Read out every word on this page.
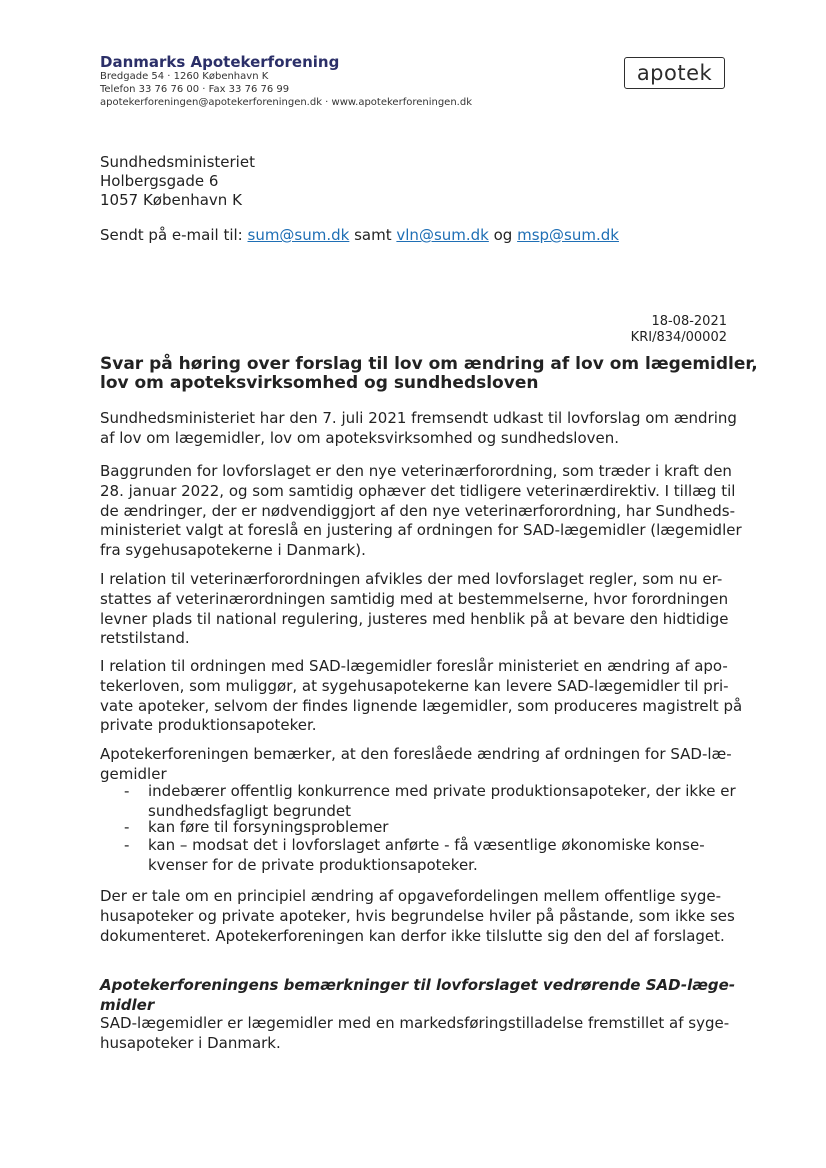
Danmarks Apotekerforening
Bredgade 54 · 1260 København K
Telefon 33 76 76 00 · Fax 33 76 76 99
apotekerforeningen@apotekerforeningen.dk · www.apotekerforeningen.dk
apotek
Sundhedsministeriet
Holbergsgade 6
1057 København K
Sendt på e-mail til: sum@sum.dk samt vln@sum.dk og msp@sum.dk
18-08-2021
KRI/834/00002
Svar på høring over forslag til lov om ændring af lov om lægemidler,
lov om apoteksvirksomhed og sundhedsloven
Sundhedsministeriet har den 7. juli 2021 fremsendt udkast til lovforslag om ændring
af lov om lægemidler, lov om apoteksvirksomhed og sundhedsloven.
Baggrunden for lovforslaget er den nye veterinærforordning, som træder i kraft den
28. januar 2022, og som samtidig ophæver det tidligere veterinærdirektiv. I tillæg til
de ændringer, der er nødvendiggjort af den nye veterinærforordning, har Sundheds-
ministeriet valgt at foreslå en justering af ordningen for SAD-lægemidler (lægemidler
fra sygehusapotekerne i Danmark).
I relation til veterinærforordningen afvikles der med lovforslaget regler, som nu er-
stattes af veterinærordningen samtidig med at bestemmelserne, hvor forordningen
levner plads til national regulering, justeres med henblik på at bevare den hidtidige
retstilstand.
I relation til ordningen med SAD-lægemidler foreslår ministeriet en ændring af apo-
tekerloven, som muliggør, at sygehusapotekerne kan levere SAD-lægemidler til pri-
vate apoteker, selvom der findes lignende lægemidler, som produceres magistrelt på
private produktionsapoteker.
Apotekerforeningen bemærker, at den foreslåede ændring af ordningen for SAD-læ-
gemidler
- indebærer offentlig konkurrence med private produktionsapoteker, der ikke er
sundhedsfagligt begrundet
- kan føre til forsyningsproblemer
- kan – modsat det i lovforslaget anførte - få væsentlige økonomiske konse-
kvenser for de private produktionsapoteker.
Der er tale om en principiel ændring af opgavefordelingen mellem offentlige syge-
husapoteker og private apoteker, hvis begrundelse hviler på påstande, som ikke ses
dokumenteret. Apotekerforeningen kan derfor ikke tilslutte sig den del af forslaget.
Apotekerforeningens bemærkninger til lovforslaget vedrørende SAD-læge-
midler
SAD-lægemidler er lægemidler med en markedsføringstilladelse fremstillet af syge-
husapoteker i Danmark.
